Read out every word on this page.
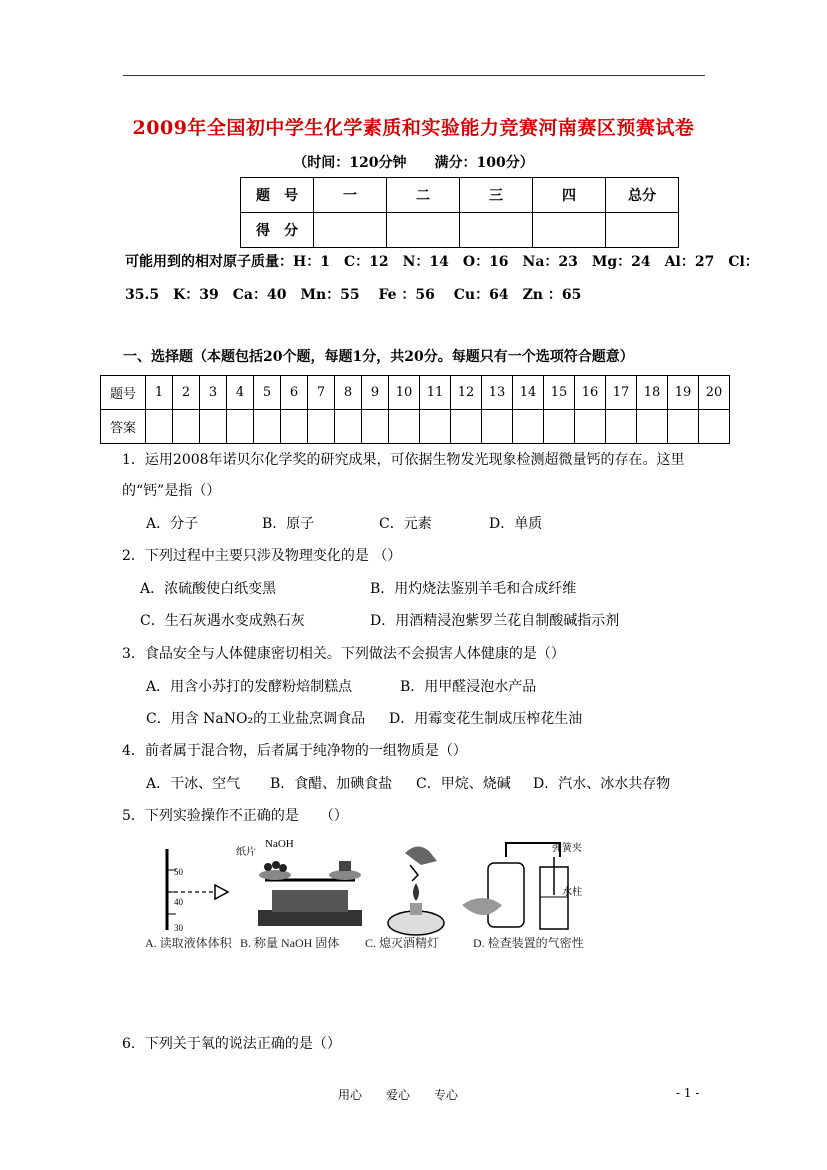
2009年全国初中学生化学素质和实验能力竞赛河南赛区预赛试卷
（时间：120分钟　　满分：100分）
题　号	一	二	三	四	总分
得　分					
可能用到的相对原子质量：H：1　C：12　N：14　O：16　Na：23　Mg：24　Al：27　Cl：
35.5　K：39　Ca：40　Mn：55　 Fe ：56　 Cu：64　Zn ：65
一、选择题（本题包括20个题，每题1分，共20分。每题只有一个选项符合题意）
题号	1	2	3	4	5	6	7	8	9	10	11	12	13	14	15	16	17	18	19	20
答案																				
1．运用2008年诺贝尔化学奖的研究成果，可依据生物发光现象检测超微量钙的存在。这里
的“钙”是指（）
A．分子	B．原子	C．元素	D．单质
2．下列过程中主要只涉及物理变化的是 （）
A．浓硫酸使白纸变黑	B．用灼烧法鉴别羊毛和合成纤维
C．生石灰遇水变成熟石灰	D．用酒精浸泡紫罗兰花自制酸碱指示剂
3．食品安全与人体健康密切相关。下列做法不会损害人体健康的是（）
A．用含小苏打的发酵粉焙制糕点	B．用甲醛浸泡水产品
C．用含 NaNO₂的工业盐烹调食品 D．用霉变花生制成压榨花生油
4．前者属于混合物，后者属于纯净物的一组物质是（）
A．干冰、空气 B．食醋、加碘食盐 C．甲烷、烧碱 D．汽水、冰水共存物
5．下列实验操作不正确的是　　（）
50
40
30
纸片
NaOH	弹簧夹
水柱
A. 读取液体体积 B. 称量 NaOH 固体 C. 熄灭酒精灯	D. 检查装置的气密性
6．下列关于氧的说法正确的是（）
用心　　爱心　　专心	- 1 -
